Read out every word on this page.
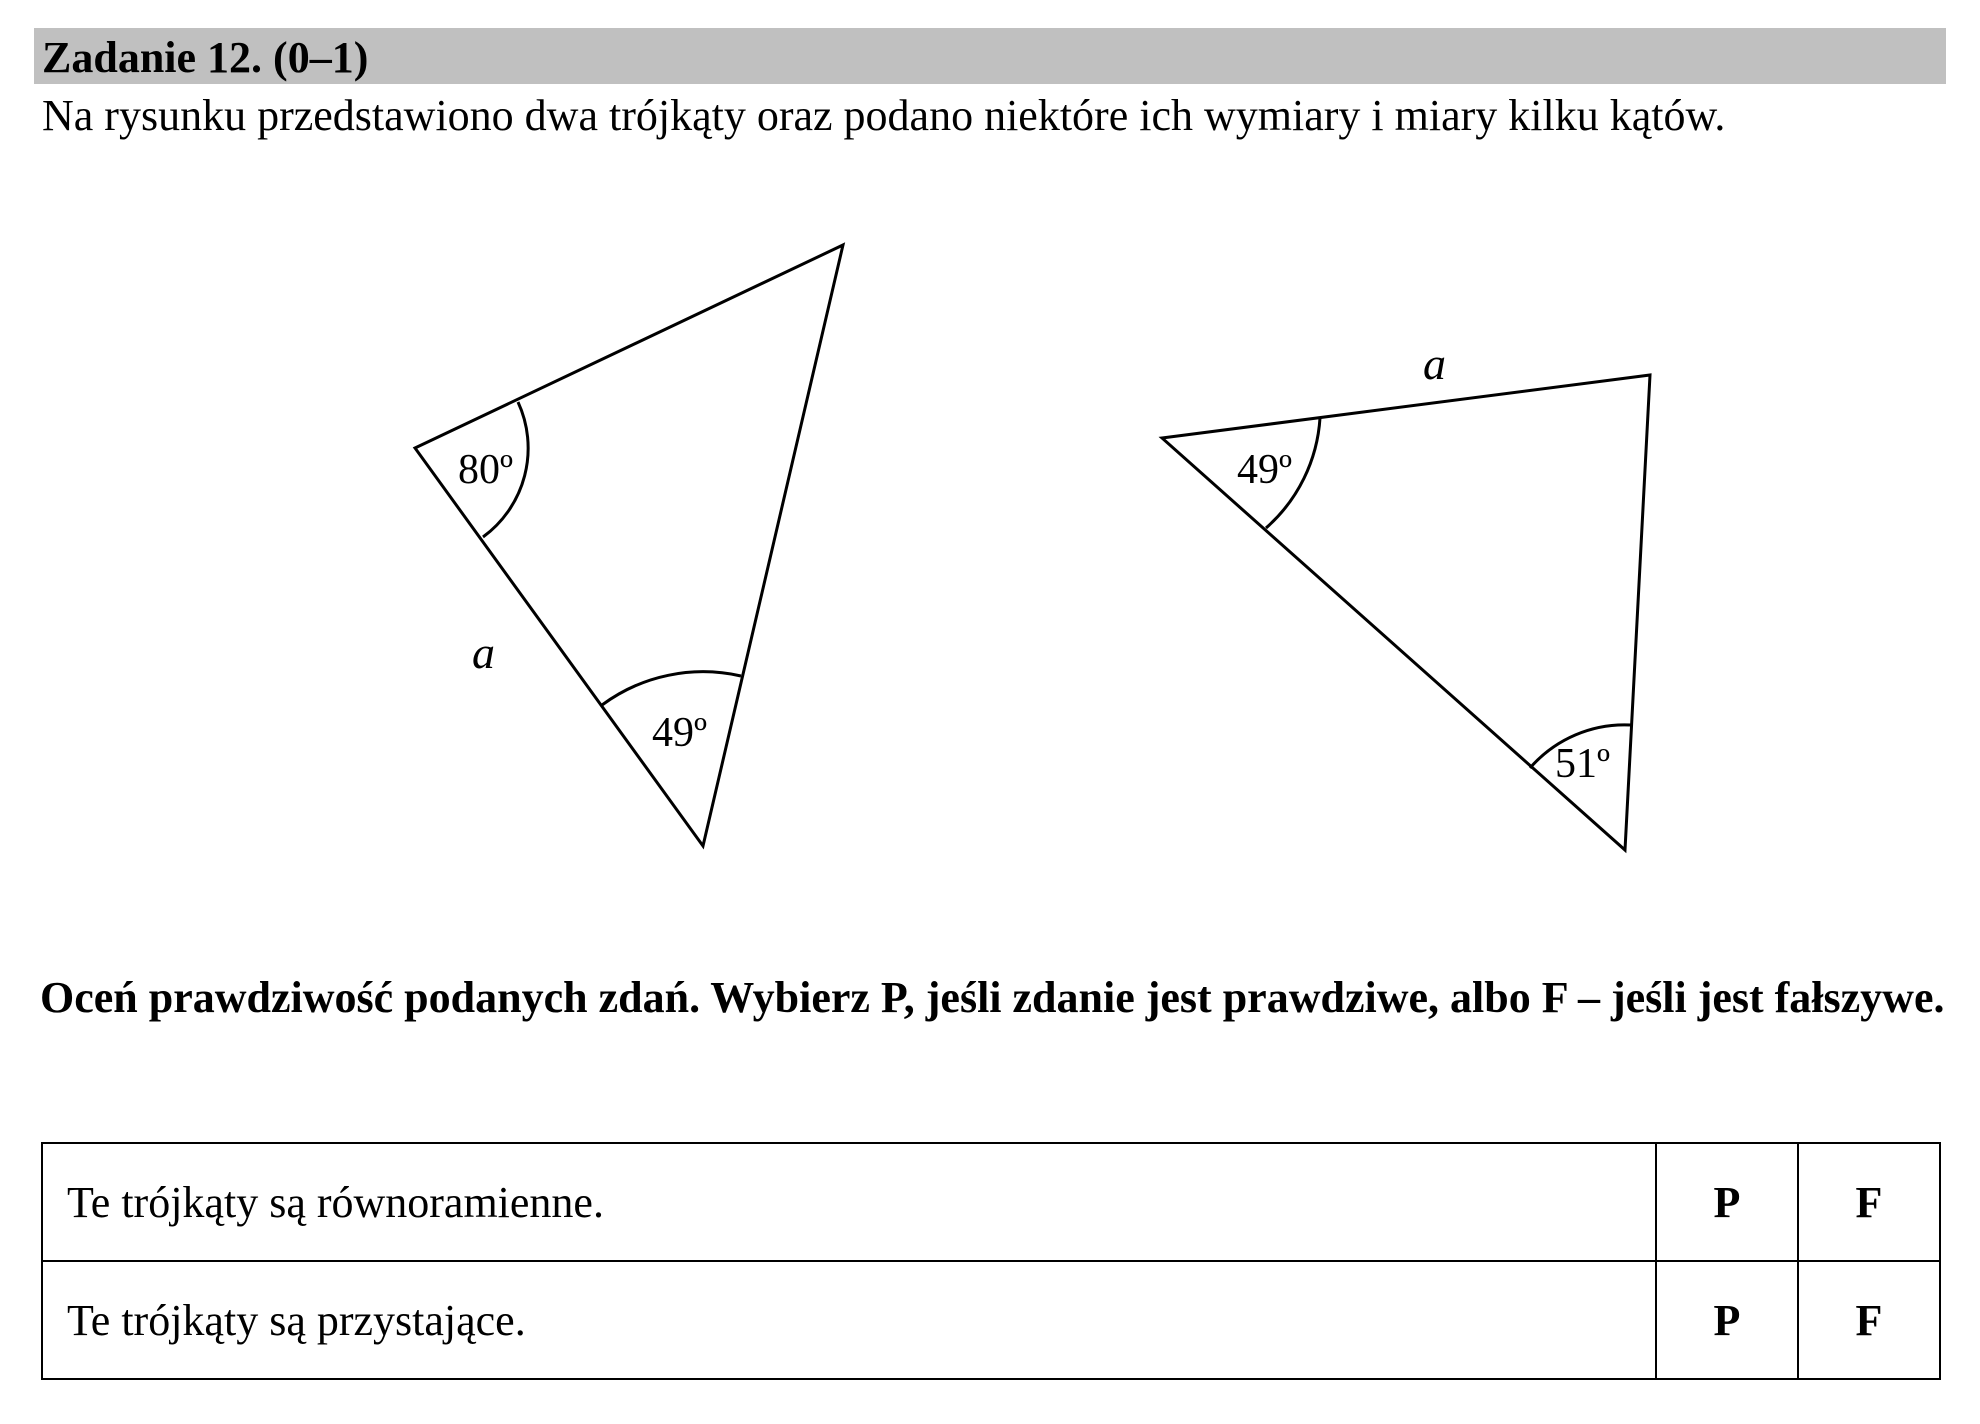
Zadanie 12. (0–1)
Na rysunku przedstawiono dwa trójkąty oraz podano niektóre ich wymiary i miary kilku kątów.
80º
49º
a
49º
51º
a
Oceń prawdziwość podanych zdań. Wybierz P, jeśli zdanie jest prawdziwe, albo F – jeśli jest fałszywe.
Te trójkąty są równoramienne.	P	F
Te trójkąty są przystające.	P	F
